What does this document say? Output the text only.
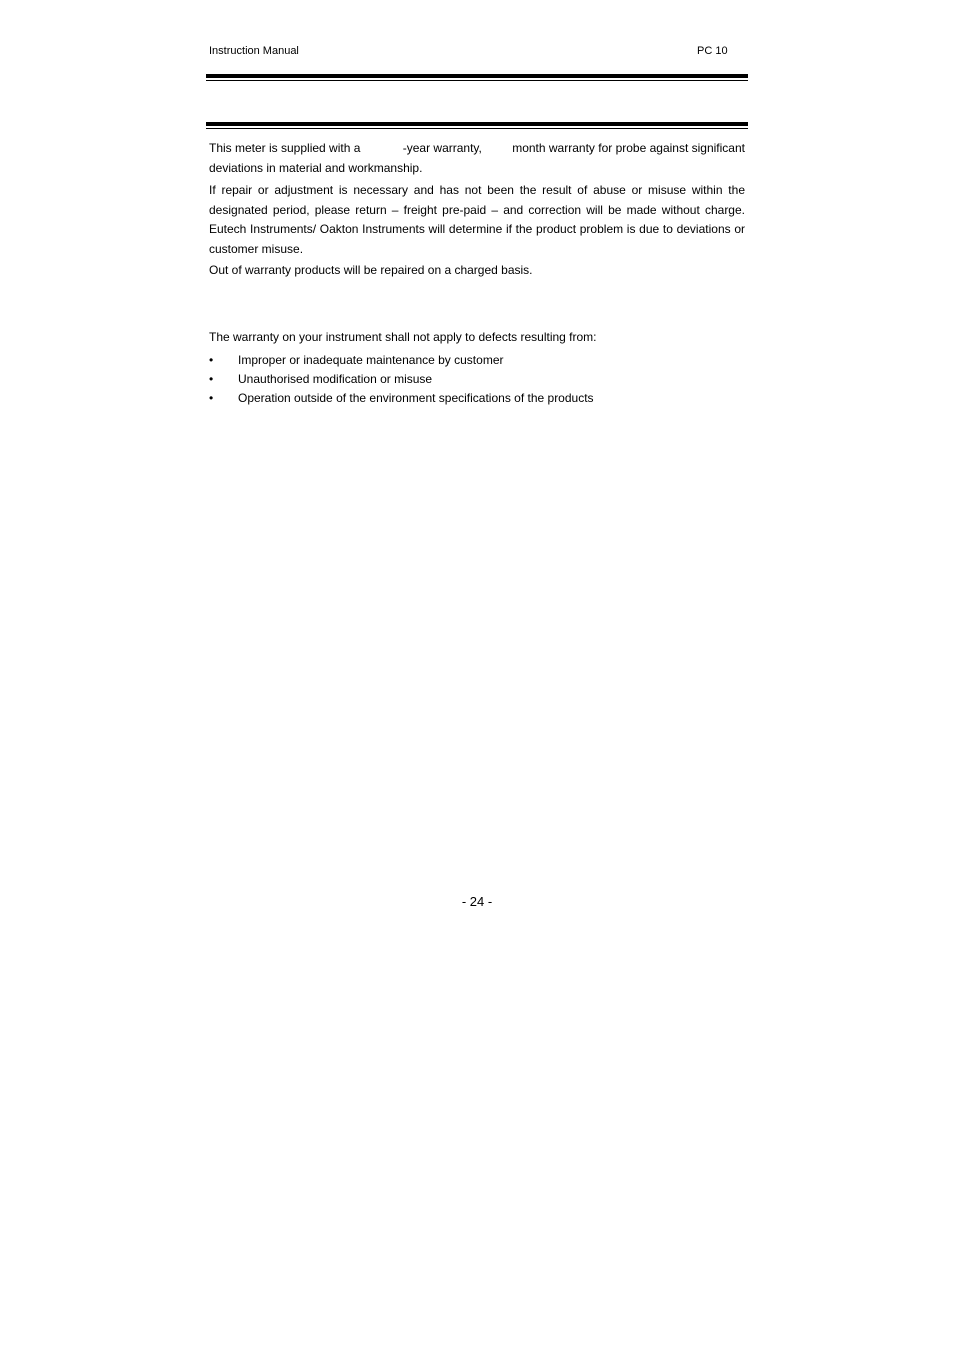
Instruction Manual	PC 10
This meter is supplied with a	-year warranty,	month warranty for probe against significant
deviations in material and workmanship.

If repair or adjustment is necessary and has not been the result of abuse or misuse within the designated period, please return – freight pre-paid – and correction will be made without charge. Eutech Instruments/ Oakton Instruments will determine if the product problem is due to deviations or customer misuse.

Out of warranty products will be repaired on a charged basis.

The warranty on your instrument shall not apply to defects resulting from:

• Improper or inadequate maintenance by customer
• Unauthorised modification or misuse
• Operation outside of the environment specifications of the products
- 24 -
